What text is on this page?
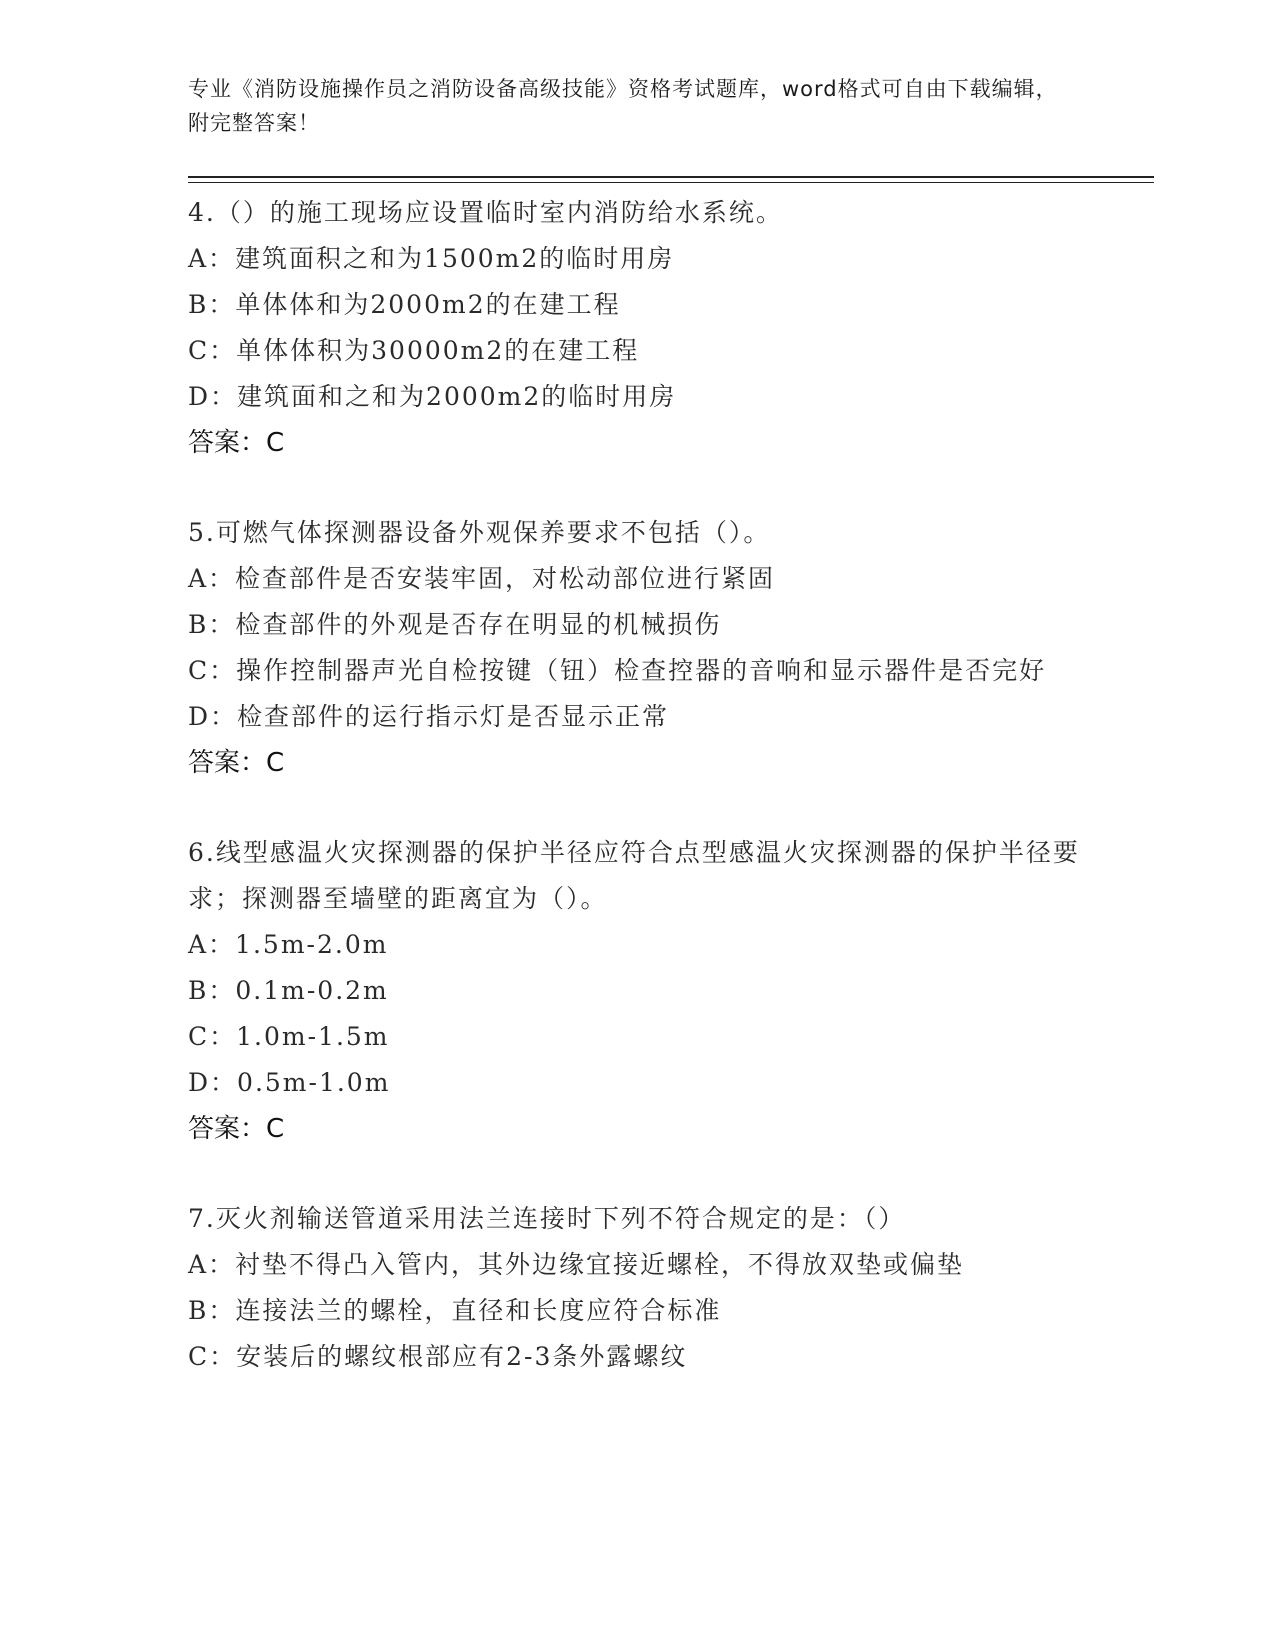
专业《消防设施操作员之消防设备高级技能》资格考试题库，word格式可自由下载编辑，附完整答案！

4.（）的施工现场应设置临时室内消防给水系统。

A：建筑面积之和为1500m2的临时用房

B：单体体和为2000m2的在建工程

C：单体体积为30000m2的在建工程

D：建筑面和之和为2000m2的临时用房

答案：C

5.可燃气体探测器设备外观保养要求不包括（）。

A：检查部件是否安装牢固，对松动部位进行紧固

B：检查部件的外观是否存在明显的机械损伤

C：操作控制器声光自检按键（钮）检查控器的音响和显示器件是否完好

D：检查部件的运行指示灯是否显示正常

答案：C

6.线型感温火灾探测器的保护半径应符合点型感温火灾探测器的保护半径要求；探测器至墙壁的距离宜为（）。

A：1.5m-2.0m

B：0.1m-0.2m

C：1.0m-1.5m

D：0.5m-1.0m

答案：C

7.灭火剂输送管道采用法兰连接时下列不符合规定的是：（）

A：衬垫不得凸入管内，其外边缘宜接近螺栓，不得放双垫或偏垫

B：连接法兰的螺栓，直径和长度应符合标准

C：安装后的螺纹根部应有2-3条外露螺纹
